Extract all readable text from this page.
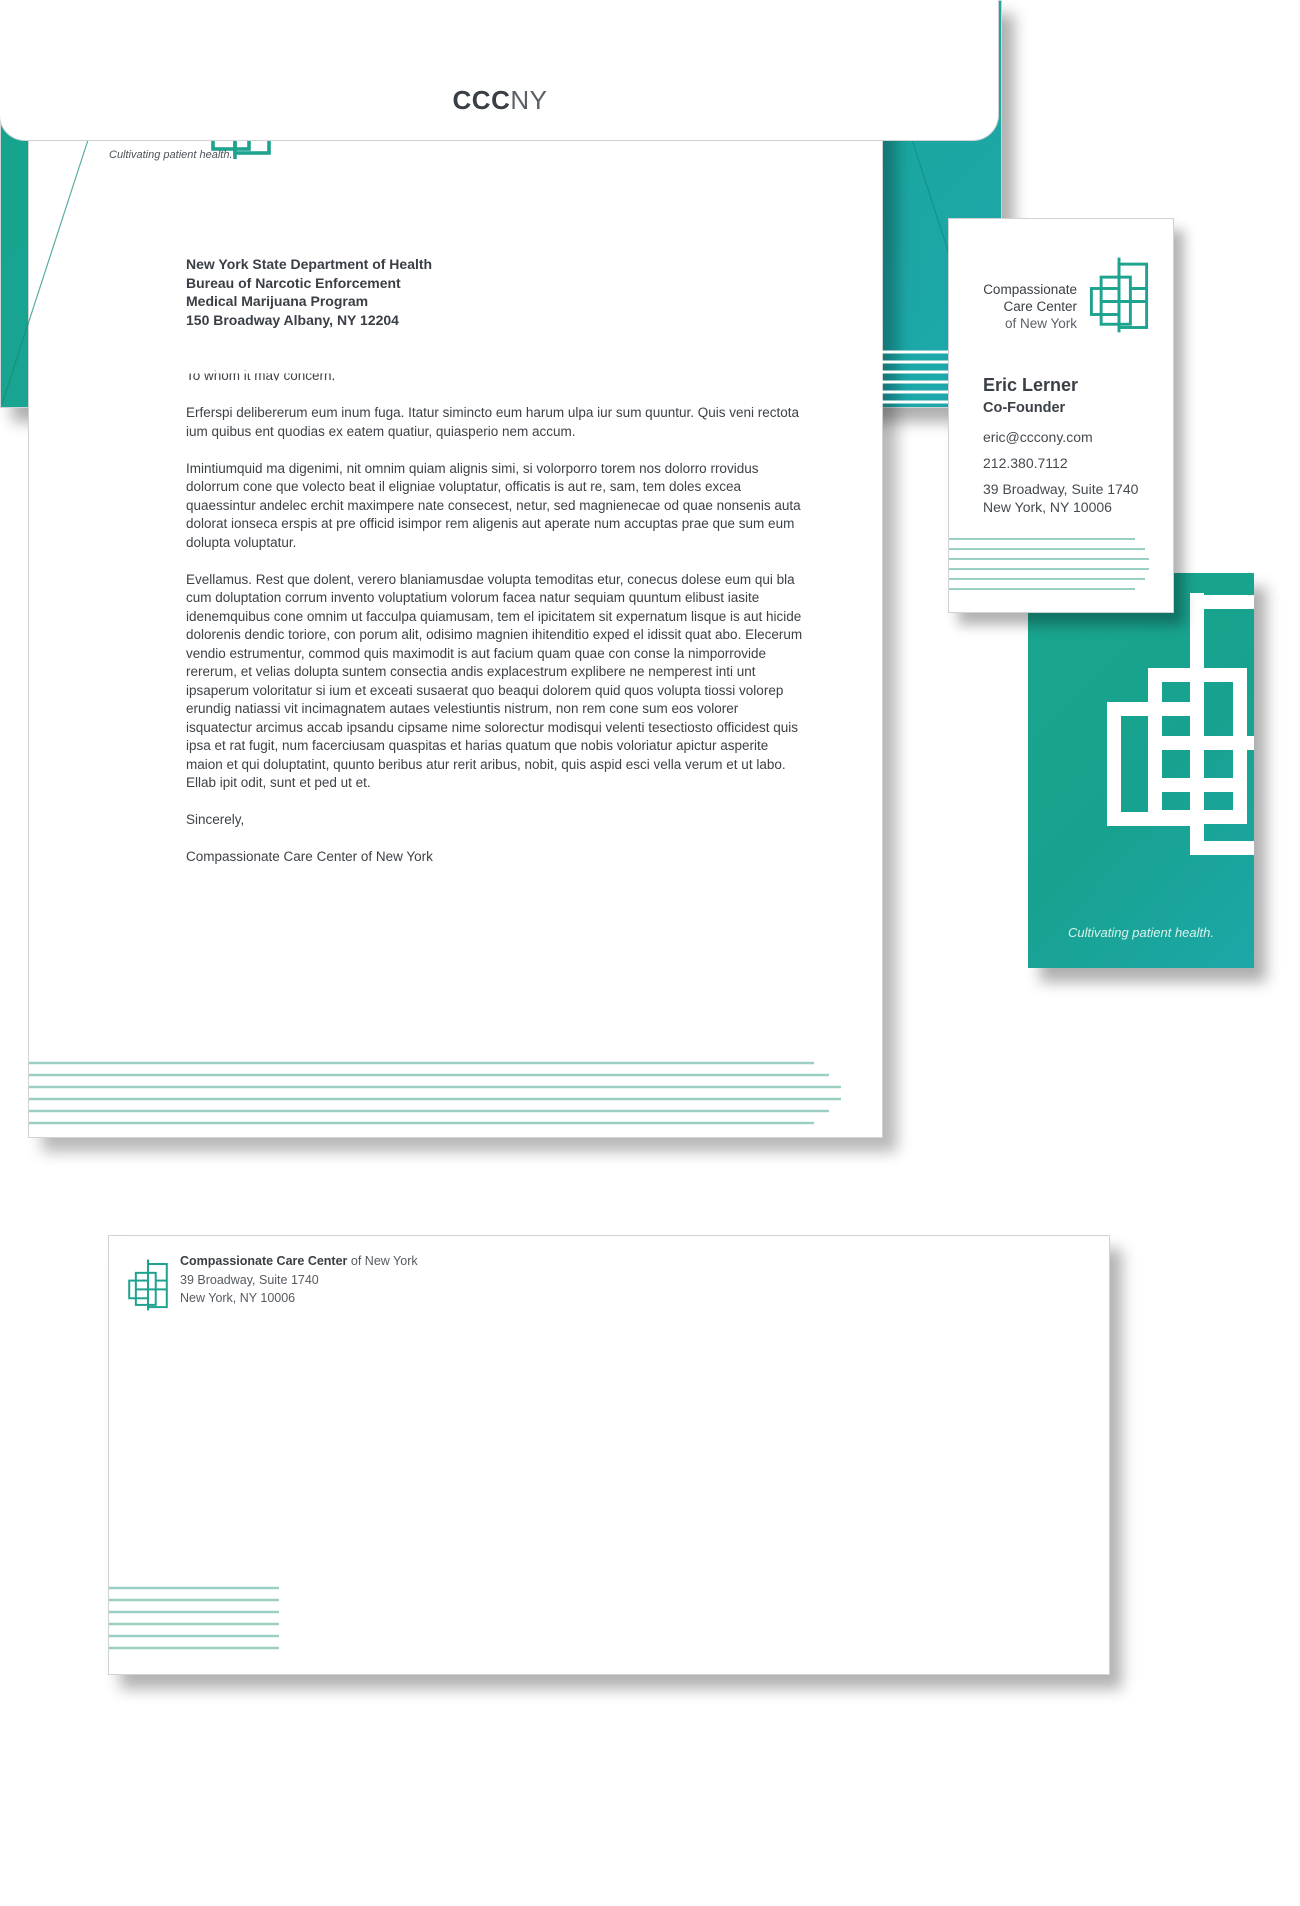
Cultivating patient health.
New York State Department of Health
Bureau of Narcotic Enforcement
Medical Marijuana Program
150 Broadway Albany, NY 12204

To whom it may concern,

Erferspi delibererum eum inum fuga. Itatur simincto eum harum ulpa iur sum quuntur. Quis veni rectota ium quibus ent quodias ex eatem quatiur, quiasperio nem accum.

Imintiumquid ma digenimi, nit omnim quiam alignis simi, si volorporro torem nos dolorro rrovidus dolorrum cone que volecto beat il eligniae voluptatur, officatis is aut re, sam, tem doles excea quaessintur andelec erchit maximpere nate consecest, netur, sed magnienecae od quae nonsenis auta dolorat ionseca erspis at pre officid isimpor rem aligenis aut aperate num accuptas prae que sum eum dolupta voluptatur.

Evellamus. Rest que dolent, verero blaniamusdae volupta temoditas etur, conecus dolese eum qui bla cum doluptation corrum invento voluptatium volorum facea natur sequiam quuntum elibust iasite idenemquibus cone omnim ut facculpa quiamusam, tem el ipicitatem sit expernatum lisque is aut hicide dolorenis dendic toriore, con porum alit, odisimo magnien ihitenditio exped el idissit quat abo. Elecerum vendio estrumentur, commod quis maximodit is aut facium quam quae con conse la nimporrovide rererum, et velias dolupta suntem consectia andis explacestrum explibere ne nemperest inti unt ipsaperum voloritatur si ium et exceati susaerat quo beaqui dolorem quid quos volupta tiossi volorep erundig natiassi vit incimagnatem autaes velestiuntis nistrum, non rem cone sum eos volorer isquatectur arcimus accab ipsandu cipsame nime solorectur modisqui velenti tesectiosto officidest quis ipsa et rat fugit, num facerciusam quaspitas et harias quatum que nobis voloriatur apictur asperite maion et qui doluptatint, quunto beribus atur rerit aribus, nobit, quis aspid esci vella verum et ut labo. Ellab ipit odit, sunt et ped ut et.

Sincerely,

Compassionate Care Center of New York

Compassionate
Care Center
of New York
Eric Lerner
Co-Founder
eric@cccony.com
212.380.7112
39 Broadway, Suite 1740
New York, NY 10006
Cultivating patient health.
Compassionate Care Center of New York
39 Broadway, Suite 1740
New York, NY 10006
CCCNY
